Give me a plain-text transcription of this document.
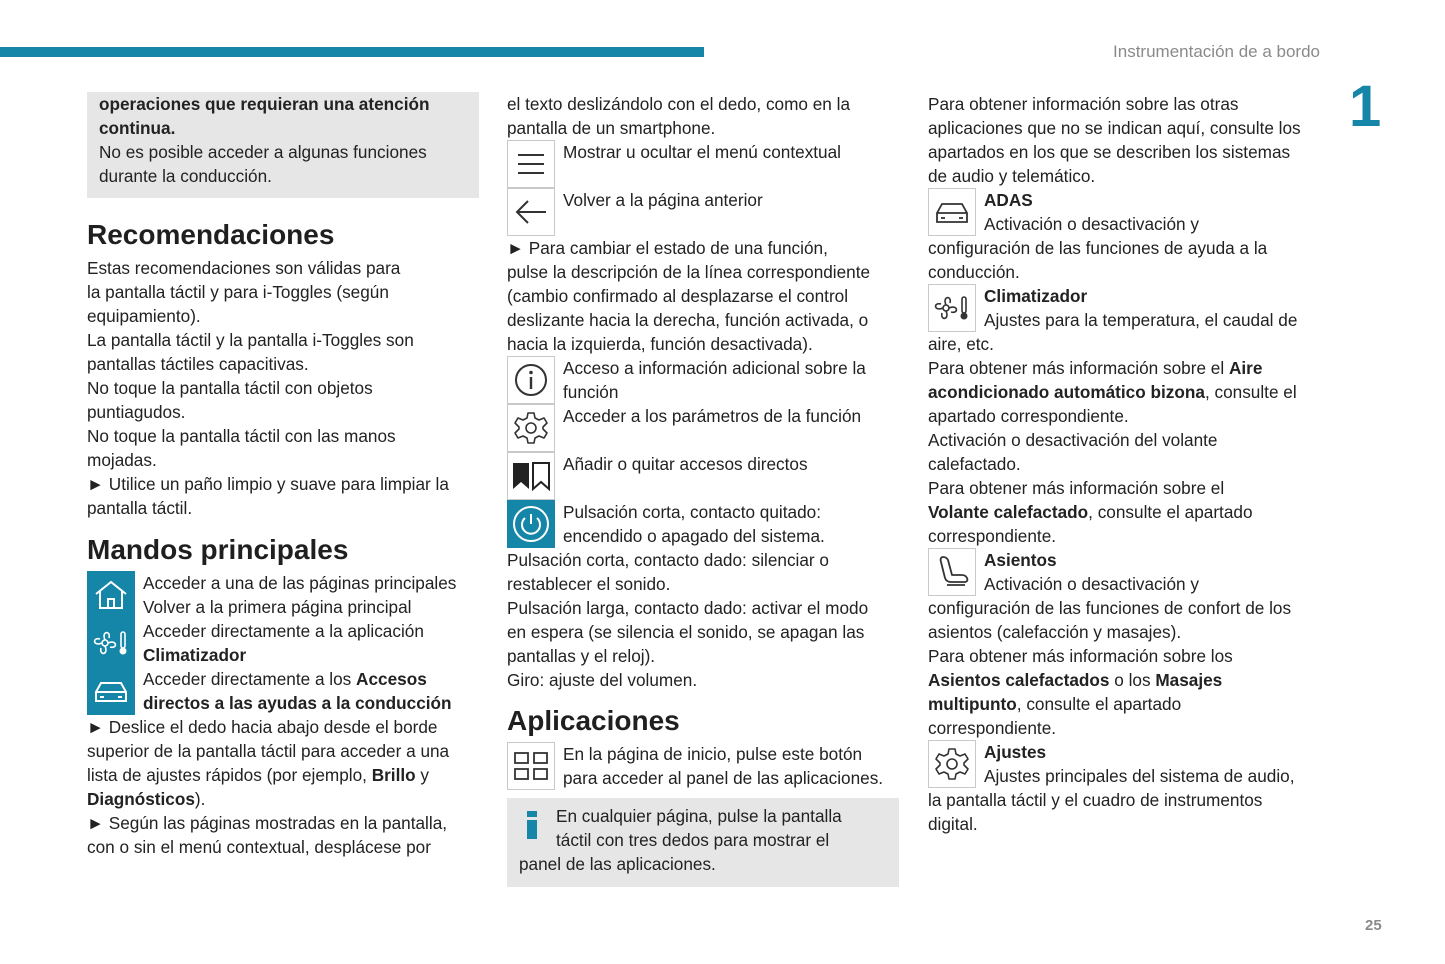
Instrumentación de a bordo
1
25

operaciones que requieran una atención

continua.

No es posible acceder a algunas funciones

durante la conducción.

Recomendaciones

Estas recomendaciones son válidas para

la pantalla táctil y para i-Toggles (según

equipamiento).

La pantalla táctil y la pantalla i-Toggles son

pantallas táctiles capacitivas.

No toque la pantalla táctil con objetos

puntiagudos.

No toque la pantalla táctil con las manos

mojadas.

► Utilice un paño limpio y suave para limpiar la

pantalla táctil.

Mandos principales

Acceder a una de las páginas principales

Volver a la primera página principal

Acceder directamente a la aplicación

Climatizador

Acceder directamente a los Accesos

directos a las ayudas a la conducción

► Deslice el dedo hacia abajo desde el borde

superior de la pantalla táctil para acceder a una

lista de ajustes rápidos (por ejemplo, Brillo y

Diagnósticos).

► Según las páginas mostradas en la pantalla,

con o sin el menú contextual, desplácese por

el texto deslizándolo con el dedo, como en la

pantalla de un smartphone.

Mostrar u ocultar el menú contextual

Volver a la página anterior

► Para cambiar el estado de una función,

pulse la descripción de la línea correspondiente

(cambio confirmado al desplazarse el control

deslizante hacia la derecha, función activada, o

hacia la izquierda, función desactivada).

Acceso a información adicional sobre la

función

Acceder a los parámetros de la función

Añadir o quitar accesos directos

Pulsación corta, contacto quitado:

encendido o apagado del sistema.

Pulsación corta, contacto dado: silenciar o

restablecer el sonido.

Pulsación larga, contacto dado: activar el modo

en espera (se silencia el sonido, se apagan las

pantallas y el reloj).

Giro: ajuste del volumen.

Aplicaciones

En la página de inicio, pulse este botón

para acceder al panel de las aplicaciones.

En cualquier página, pulse la pantalla

táctil con tres dedos para mostrar el

panel de las aplicaciones.

Para obtener información sobre las otras

aplicaciones que no se indican aquí, consulte los

apartados en los que se describen los sistemas

de audio y telemático.

ADAS

Activación o desactivación y

configuración de las funciones de ayuda a la

conducción.

Climatizador

Ajustes para la temperatura, el caudal de

aire, etc.

Para obtener más información sobre el Aire

acondicionado automático bizona, consulte el

apartado correspondiente.

Activación o desactivación del volante

calefactado.

Para obtener más información sobre el

Volante calefactado, consulte el apartado

correspondiente.

Asientos

Activación o desactivación y

configuración de las funciones de confort de los

asientos (calefacción y masajes).

Para obtener más información sobre los

Asientos calefactados o los Masajes

multipunto, consulte el apartado

correspondiente.

Ajustes

Ajustes principales del sistema de audio,

la pantalla táctil y el cuadro de instrumentos

digital.
